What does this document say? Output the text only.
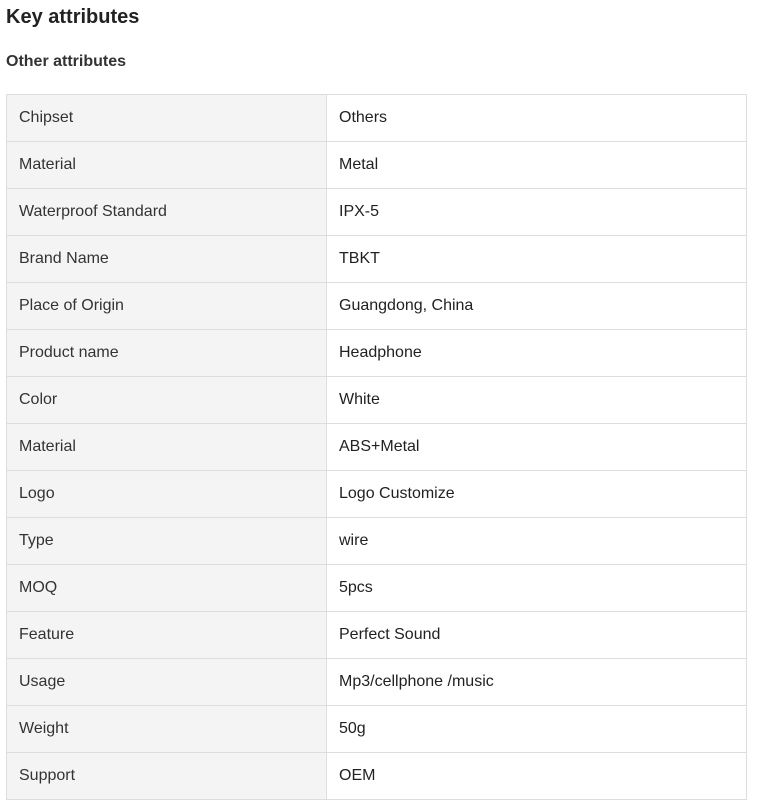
Key attributes
Other attributes
Chipset	Others
Material	Metal
Waterproof Standard	IPX-5
Brand Name	TBKT
Place of Origin	Guangdong, China
Product name	Headphone
Color	White
Material	ABS+Metal
Logo	Logo Customize
Type	wire
MOQ	5pcs
Feature	Perfect Sound
Usage	Mp3/cellphone /music
Weight	50g
Support	OEM
